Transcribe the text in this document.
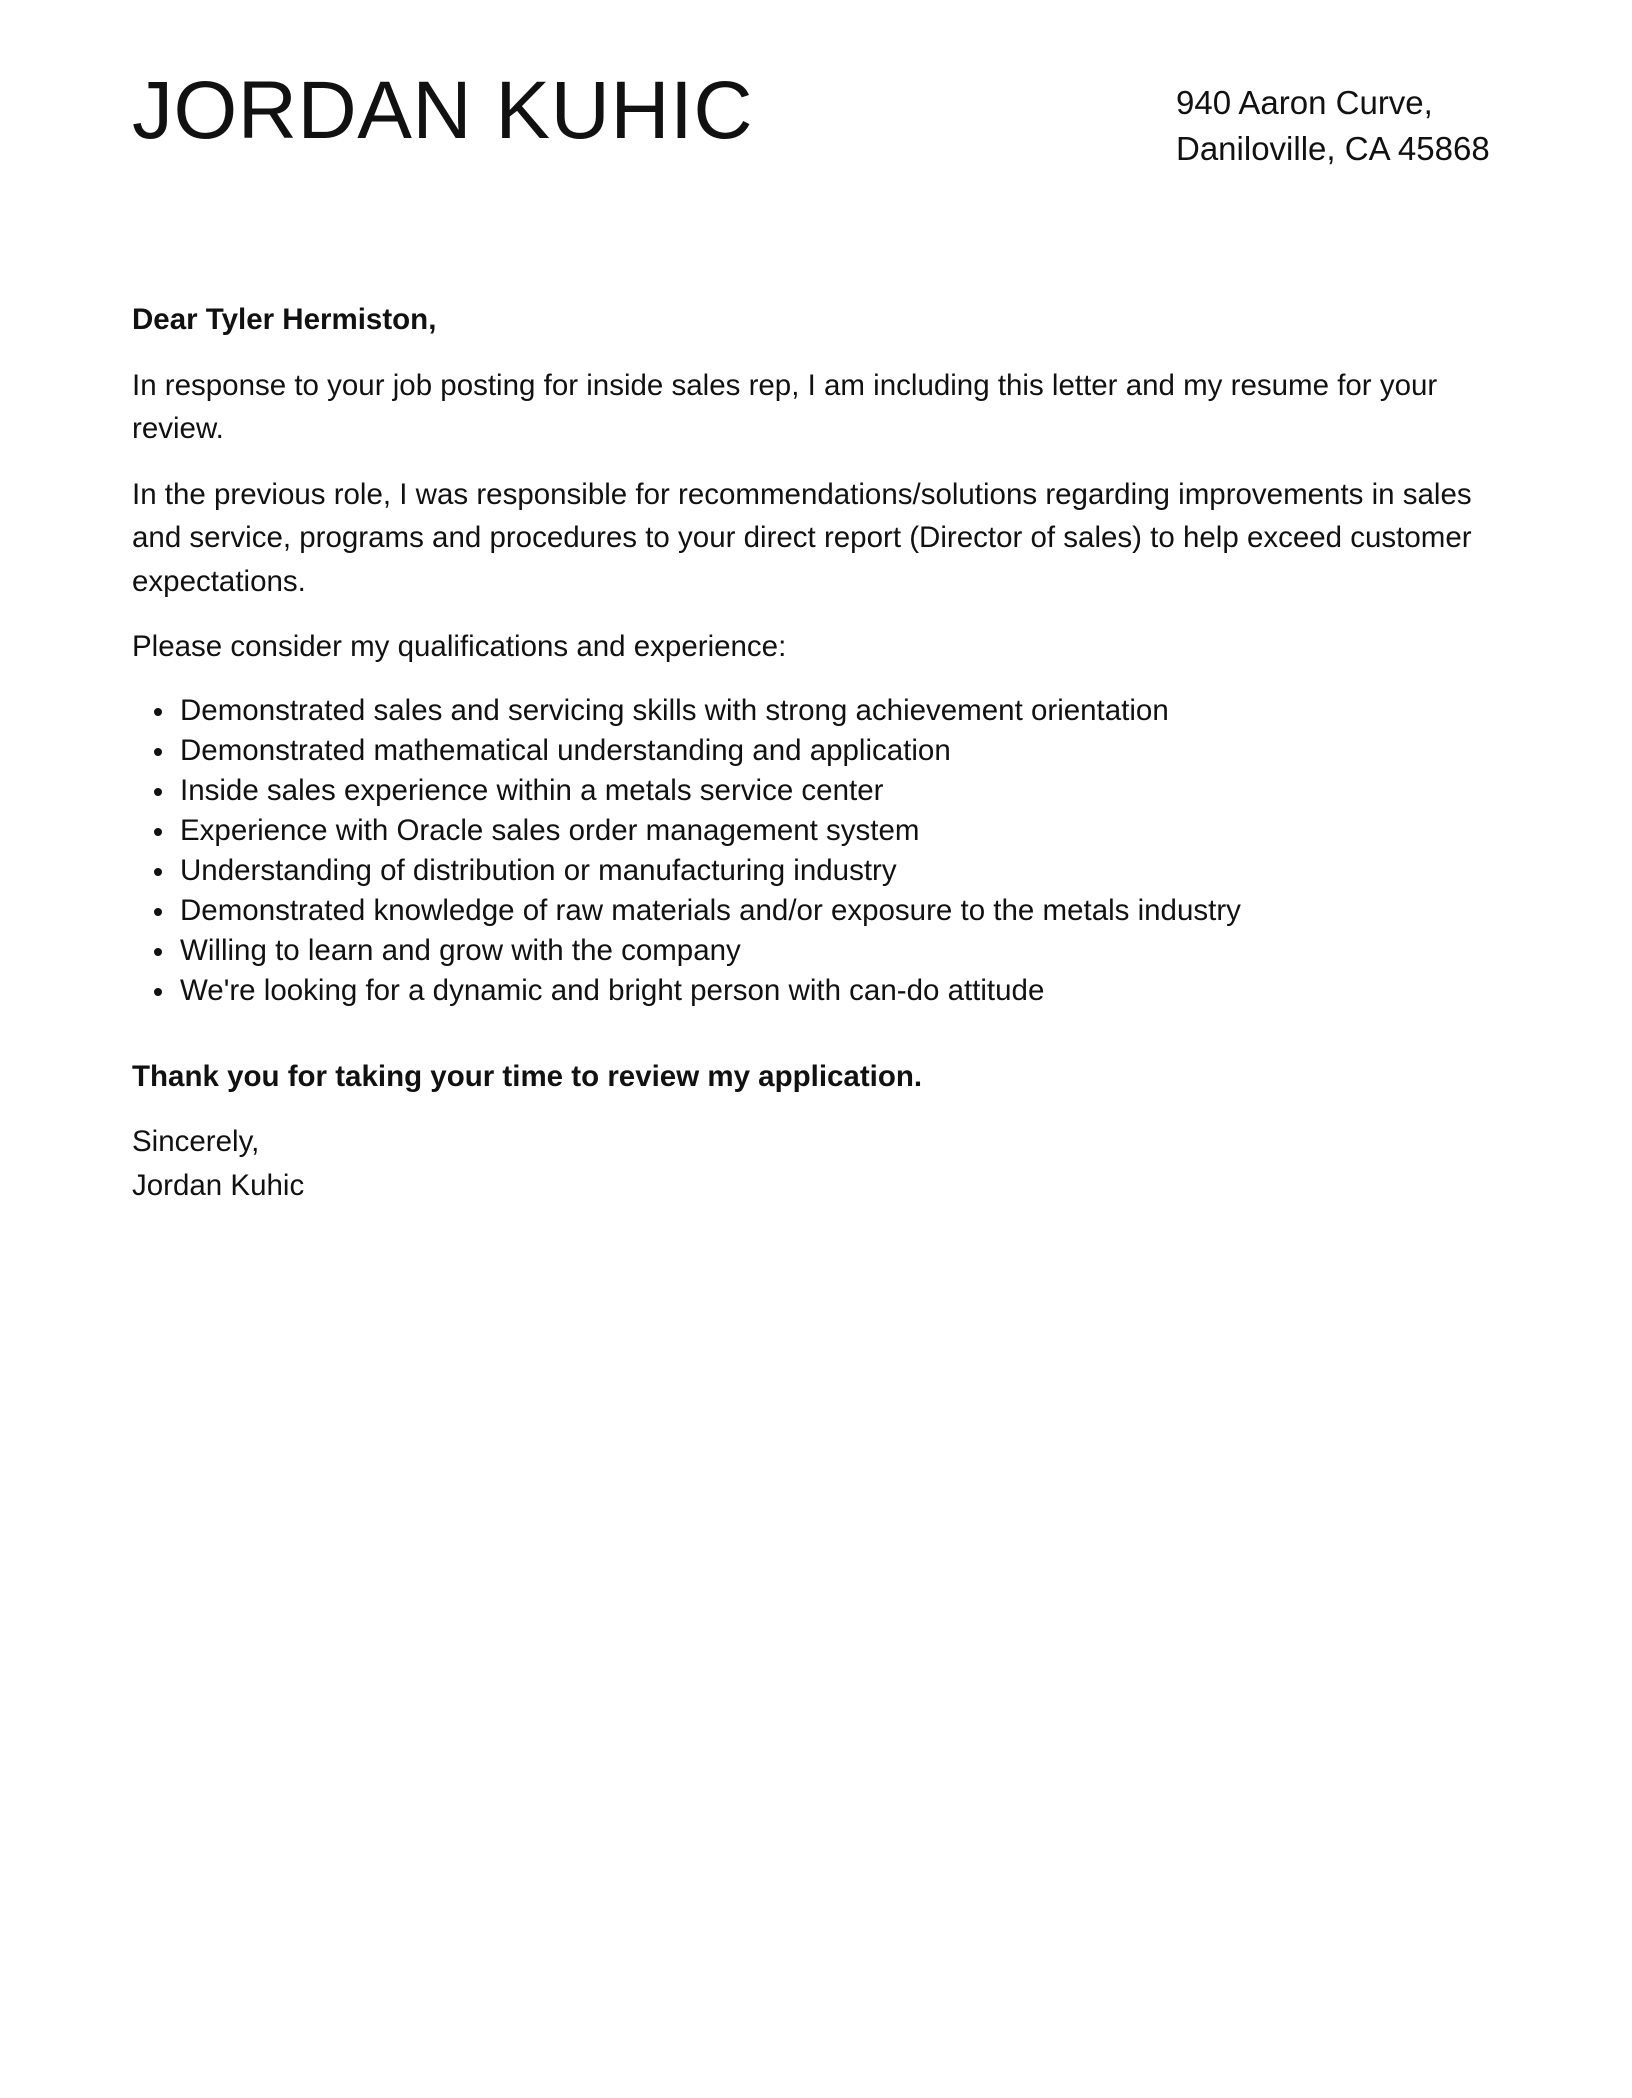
JORDAN KUHIC	940 Aaron Curve,
Daniloville, CA 45868

Dear Tyler Hermiston,

In response to your job posting for inside sales rep, I am including this letter and my resume for your review.

In the previous role, I was responsible for recommendations/solutions regarding improvements in sales and service, programs and procedures to your direct report (Director of sales) to help exceed customer expectations.

Please consider my qualifications and experience:

Demonstrated sales and servicing skills with strong achievement orientation
Demonstrated mathematical understanding and application
Inside sales experience within a metals service center
Experience with Oracle sales order management system
Understanding of distribution or manufacturing industry
Demonstrated knowledge of raw materials and/or exposure to the metals industry
Willing to learn and grow with the company
We're looking for a dynamic and bright person with can-do attitude

Thank you for taking your time to review my application.

Sincerely,
Jordan Kuhic
